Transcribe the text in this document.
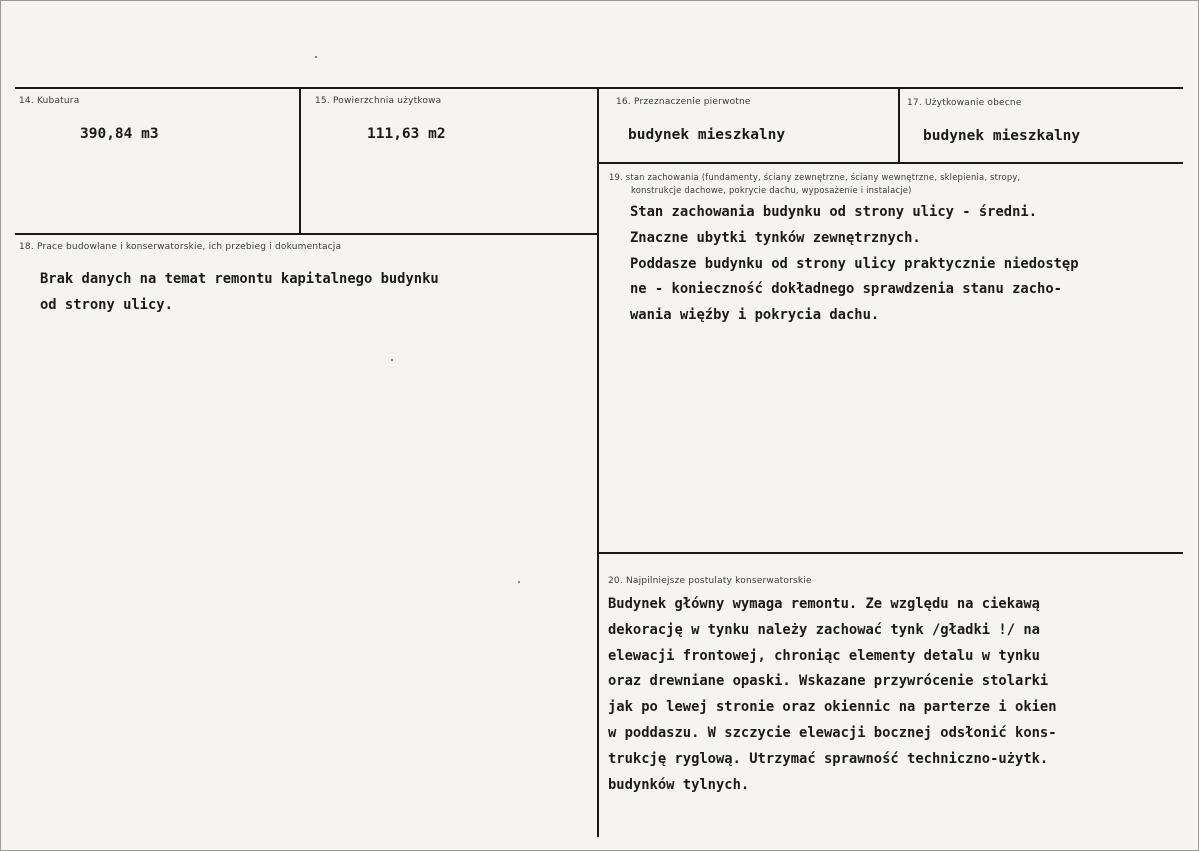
14. Kubatura
390,84 m3
15. Powierzchnia użytkowa
111,63 m2
16. Przeznaczenie pierwotne
budynek mieszkalny
17. Użytkowanie obecne
budynek mieszkalny
19. stan zachowania (fundamenty, ściany zewnętrzne, ściany wewnętrzne, sklepienia, stropy,
konstrukcje dachowe, pokrycie dachu, wyposażenie i instalacje)
Stan zachowania budynku od strony ulicy - średni.
Znaczne ubytki tynków zewnętrznych.
Poddasze budynku od strony ulicy praktycznie niedostęp
ne - konieczność dokładnego sprawdzenia stanu zacho-
wania więźby i pokrycia dachu.
18. Prace budowlane i konserwatorskie, ich przebieg i dokumentacja
Brak danych na temat remontu kapitalnego budynku
od strony ulicy.
20. Najpilniejsze postulaty konserwatorskie
Budynek główny wymaga remontu. Ze względu na ciekawą
dekorację w tynku należy zachować tynk /gładki !/ na
elewacji frontowej, chroniąc elementy detalu w tynku
oraz drewniane opaski. Wskazane przywrócenie stolarki
jak po lewej stronie oraz okiennic na parterze i okien
w poddaszu. W szczycie elewacji bocznej odsłonić kons-
trukcję ryglową. Utrzymać sprawność techniczno-użytk.
budynków tylnych.
